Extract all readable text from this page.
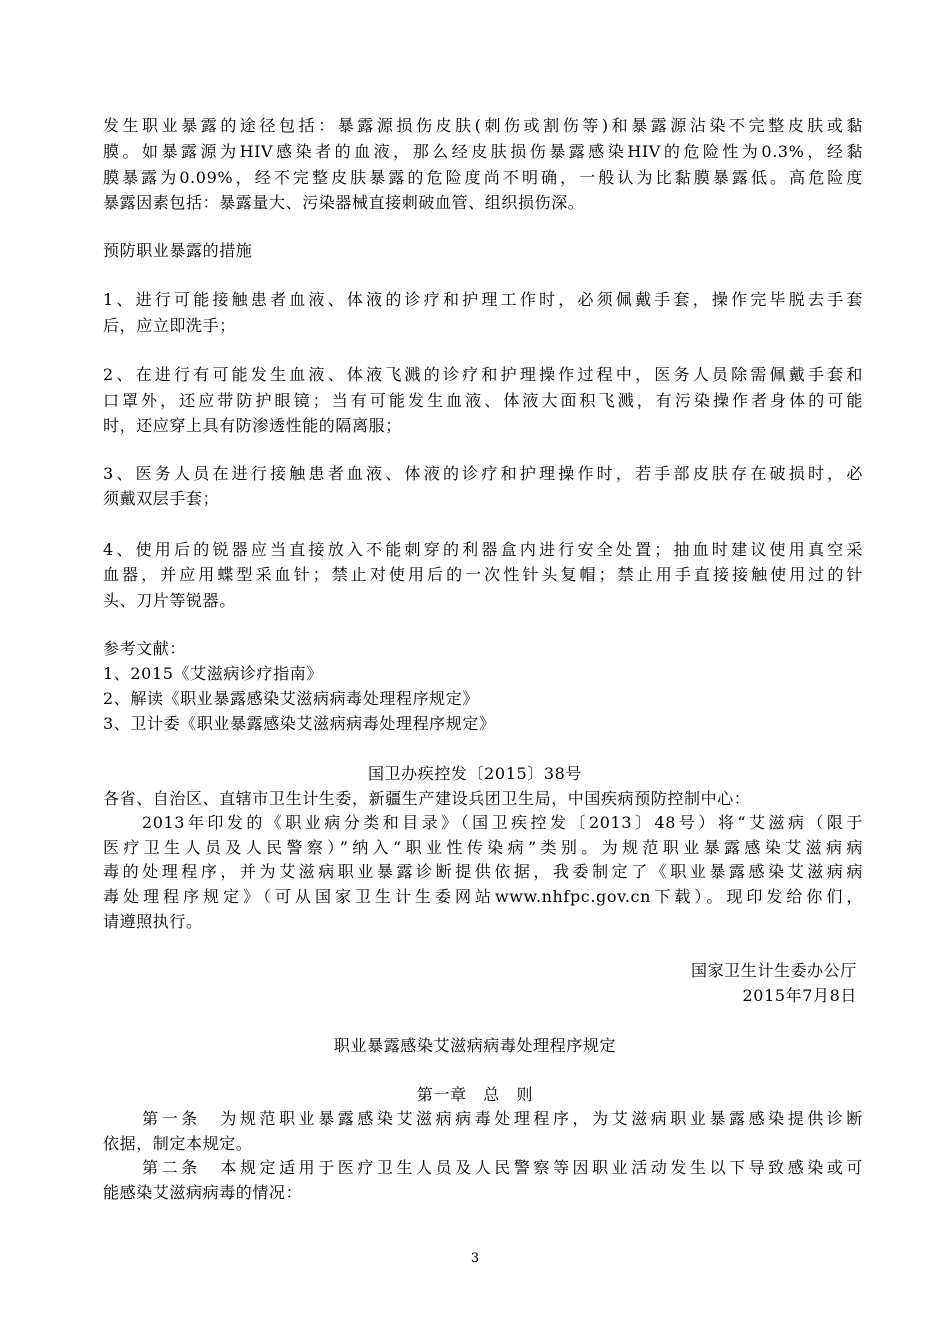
发生职业暴露的途径包括：暴露源损伤皮肤(刺伤或割伤等)和暴露源沾染不完整皮肤或黏
膜。如暴露源为HIV感染者的血液，那么经皮肤损伤暴露感染HIV的危险性为0.3%，经黏
膜暴露为0.09%，经不完整皮肤暴露的危险度尚不明确，一般认为比黏膜暴露低。高危险度
暴露因素包括：暴露量大、污染器械直接刺破血管、组织损伤深。
预防职业暴露的措施
1、进行可能接触患者血液、体液的诊疗和护理工作时，必须佩戴手套，操作完毕脱去手套
后，应立即洗手；
2、在进行有可能发生血液、体液飞溅的诊疗和护理操作过程中，医务人员除需佩戴手套和
口罩外，还应带防护眼镜；当有可能发生血液、体液大面积飞溅，有污染操作者身体的可能
时，还应穿上具有防渗透性能的隔离服；
3、医务人员在进行接触患者血液、体液的诊疗和护理操作时，若手部皮肤存在破损时，必
须戴双层手套；
4、使用后的锐器应当直接放入不能刺穿的利器盒内进行安全处置；抽血时建议使用真空采
血器，并应用蝶型采血针；禁止对使用后的一次性针头复帽；禁止用手直接接触使用过的针
头、刀片等锐器。
参考文献：
1、2015《艾滋病诊疗指南》
2、解读《职业暴露感染艾滋病病毒处理程序规定》
3、卫计委《职业暴露感染艾滋病病毒处理程序规定》
国卫办疾控发〔2015〕38号
各省、自治区、直辖市卫生计生委，新疆生产建设兵团卫生局，中国疾病预防控制中心：
　　2013年印发的《职业病分类和目录》（国卫疾控发〔2013〕48号）将“艾滋病（限于
医疗卫生人员及人民警察）”纳入“职业性传染病”类别。为规范职业暴露感染艾滋病病
毒的处理程序，并为艾滋病职业暴露诊断提供依据，我委制定了《职业暴露感染艾滋病病
毒处理程序规定》（可从国家卫生计生委网站www.nhfpc.gov.cn下载）。现印发给你们，
请遵照执行。
国家卫生计生委办公厅
2015年7月8日
职业暴露感染艾滋病病毒处理程序规定
第一章　总　则
　　第一条　为规范职业暴露感染艾滋病病毒处理程序，为艾滋病职业暴露感染提供诊断
依据，制定本规定。
　　第二条　本规定适用于医疗卫生人员及人民警察等因职业活动发生以下导致感染或可
能感染艾滋病病毒的情况：
3
